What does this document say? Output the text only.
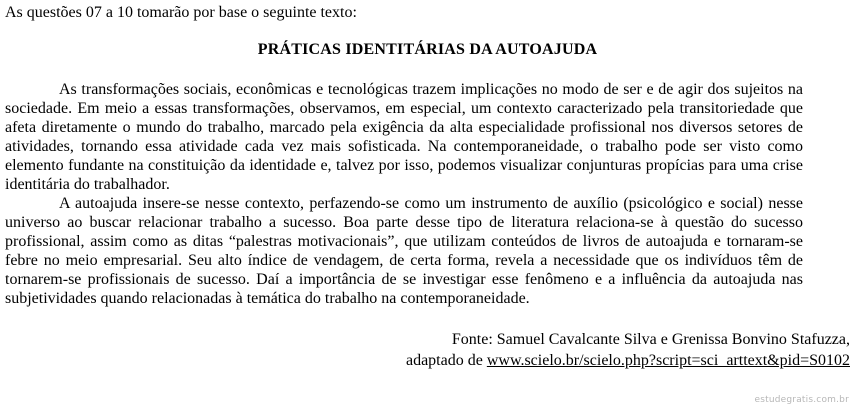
As questões 07 a 10 tomarão por base o seguinte texto:
PRÁTICAS IDENTITÁRIAS DA AUTOAJUDA

As transformações sociais, econômicas e tecnológicas trazem implicações no modo de ser e de agir dos sujeitos na sociedade. Em meio a essas transformações, observamos, em especial, um contexto caracterizado pela transitoriedade que afeta diretamente o mundo do trabalho, marcado pela exigência da alta especialidade profissional nos diversos setores de atividades, tornando essa atividade cada vez mais sofisticada. Na contemporaneidade, o trabalho pode ser visto como elemento fundante na constituição da identidade e, talvez por isso, podemos visualizar conjunturas propícias para uma crise identitária do trabalhador.

A autoajuda insere-se nesse contexto, perfazendo-se como um instrumento de auxílio (psicológico e social) nesse universo ao buscar relacionar trabalho a sucesso. Boa parte desse tipo de literatura relaciona-se à questão do sucesso profissional, assim como as ditas “palestras motivacionais”, que utilizam conteúdos de livros de autoajuda e tornaram-se febre no meio empresarial. Seu alto índice de vendagem, de certa forma, revela a necessidade que os indivíduos têm de tornarem-se profissionais de sucesso. Daí a importância de se investigar esse fenômeno e a influência da autoajuda nas subjetividades quando relacionadas à temática do trabalho na contemporaneidade.

Fonte: Samuel Cavalcante Silva e Grenissa Bonvino Stafuzza,
adaptado de www.scielo.br/scielo.php?script=sci_arttext&pid=S0102
estudegratis.com.br
